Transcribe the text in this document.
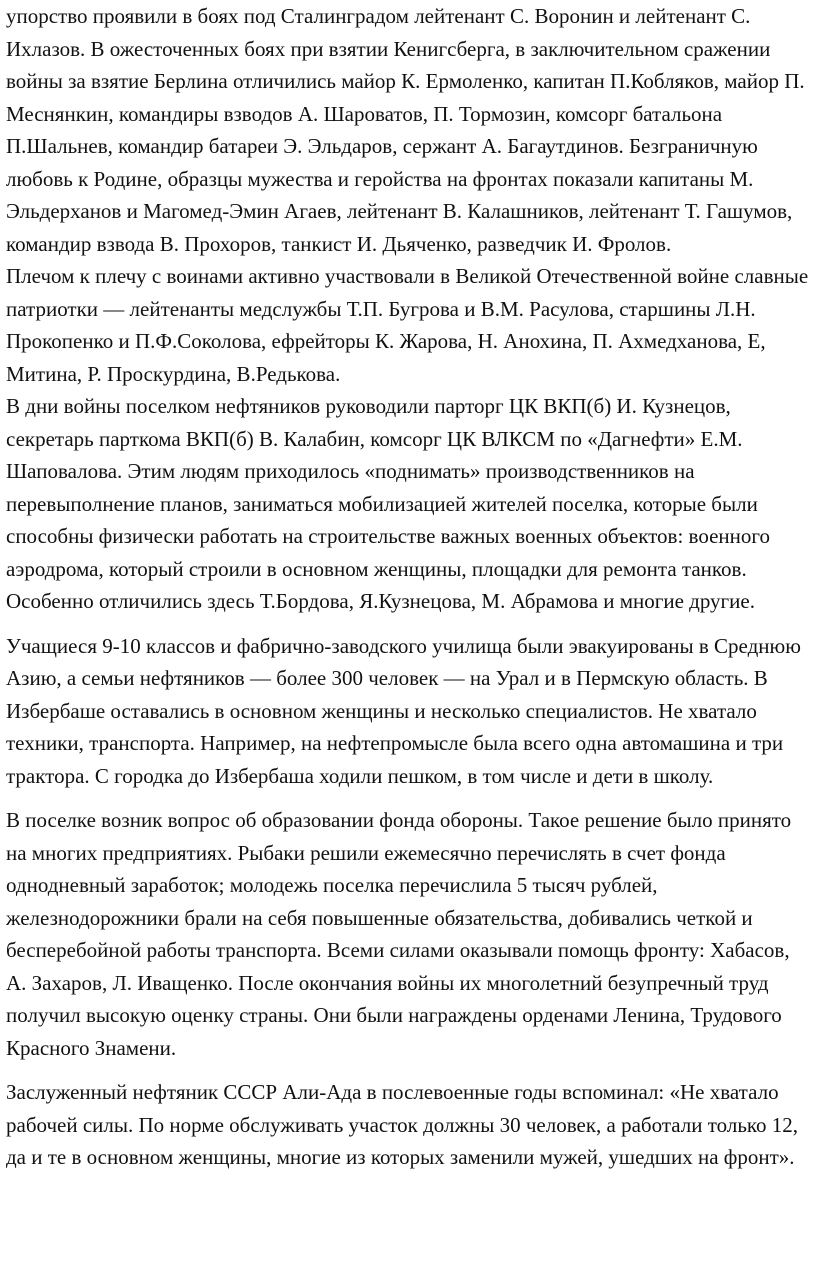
упорство проявили в боях под Сталинградом лейтенант С. Воронин и лейтенант С. Ихлазов. В ожесточенных боях при взятии Кенигсберга, в заключительном сражении войны за взятие Берлина отличились майор К. Ермоленко, капитан П.Кобляков, майор П. Меснянкин, командиры взводов А. Шароватов, П. Тормозин, комсорг батальона П.Шальнев, командир батареи Э. Эльдаров, сержант А. Багаутдинов. Безграничную любовь к Родине, образцы мужества и геройства на фронтах показали капитаны М. Эльдерханов и Магомед-Эмин Агаев, лейтенант В. Калашников, лейтенант Т. Гашумов, командир взвода В. Прохоров, танкист И. Дьяченко, разведчик И. Фролов.

Плечом к плечу с воинами активно участвовали в Великой Отечественной войне славные патриотки — лейтенанты медслужбы Т.П. Бугрова и В.М. Расулова, старшины Л.Н. Прокопенко и П.Ф.Соколова, ефрейторы К. Жарова, Н. Анохина, П. Ахмедханова, Е, Митина, Р. Проскурдина, В.Редькова.

В дни войны поселком нефтяников руководили парторг ЦК ВКП(б) И. Кузнецов, секретарь парткома ВКП(б) В. Калабин, комсорг ЦК ВЛКСМ по «Дагнефти» Е.М. Шаповалова. Этим людям приходилось «поднимать» производственников на перевыполнение планов, заниматься мобилизацией жителей поселка, которые были способны физически работать на строительстве важных военных объектов: военного аэродрома, который строили в основном женщины, площадки для ремонта танков. Особенно отличились здесь Т.Бордова, Я.Кузнецова, М. Абрамова и многие другие.

Учащиеся 9-10 классов и фабрично-заводского училища были эвакуированы в Среднюю Азию, а семьи нефтяников — более 300 человек — на Урал и в Пермскую область. В Избербаше оставались в основном женщины и несколько специалистов. Не хватало техники, транспорта. Например, на нефтепромысле была всего одна автомашина и три трактора. С городка до Избербаша ходили пешком, в том числе и дети в школу.

В поселке возник вопрос об образовании фонда обороны. Такое решение было принято на многих предприятиях. Рыбаки решили ежемесячно перечислять в счет фонда однодневный заработок; молодежь поселка перечислила 5 тысяч рублей, железнодорожники брали на себя повышенные обязательства, добивались четкой и бесперебойной работы транспорта. Всеми силами оказывали помощь фронту: Хабасов, А. Захаров, Л. Иващенко. После окончания войны их многолетний безупречный труд получил высокую оценку страны. Они были награждены орденами Ленина, Трудового Красного Знамени.

Заслуженный нефтяник СССР Али-Ада в послевоенные годы вспоминал: «Не хватало рабочей силы. По норме обслуживать участок должны 30 человек, а работали только 12, да и те в основном женщины, многие из которых заменили мужей, ушедших на фронт».
